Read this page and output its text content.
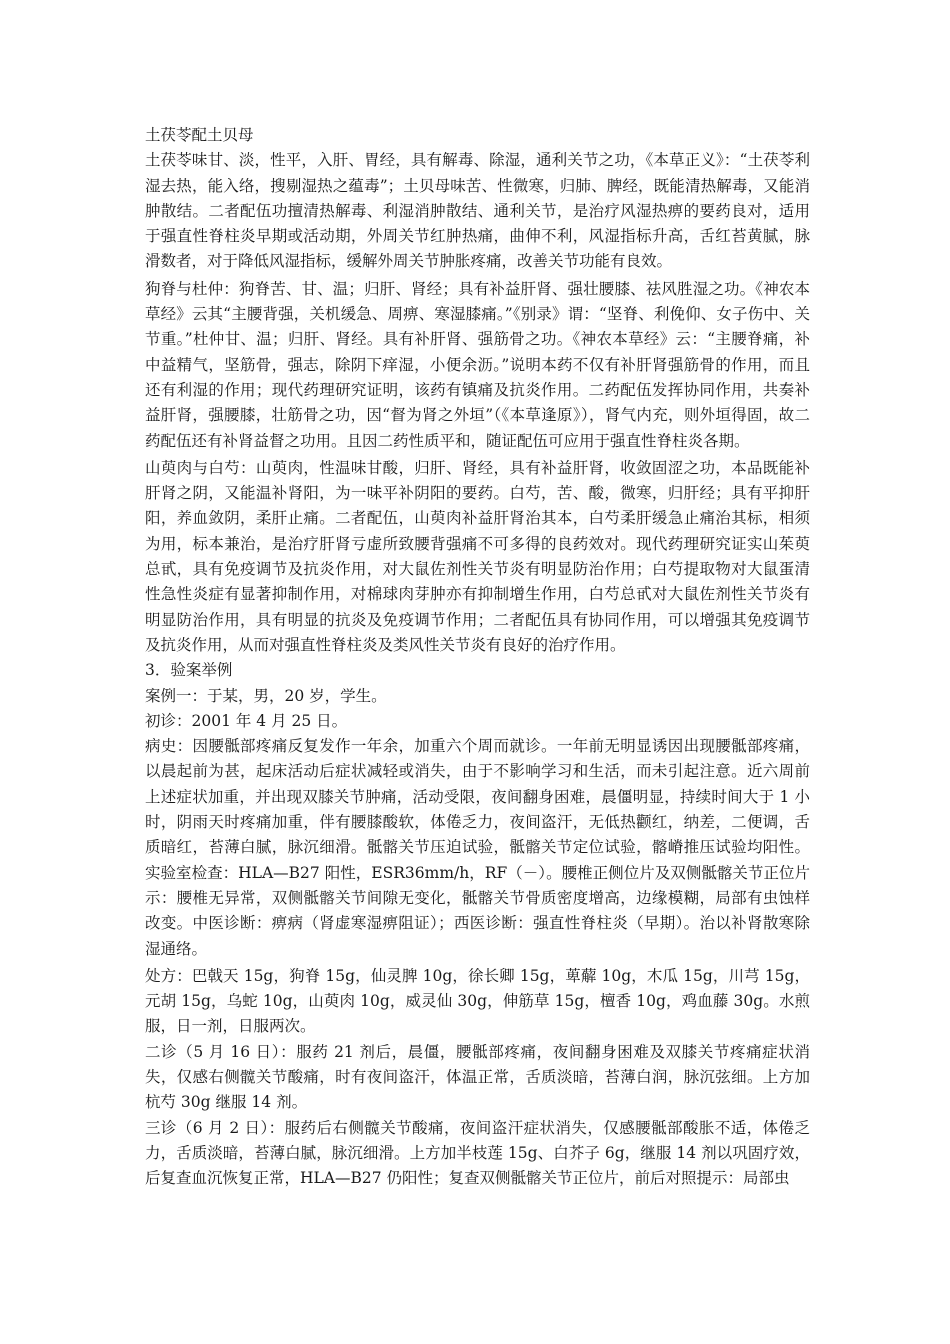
土茯苓配土贝母

土茯苓味甘、淡，性平，入肝、胃经，具有解毒、除湿，通利关节之功，《本草正义》：“土茯苓利湿去热，能入络，搜剔湿热之蕴毒”；土贝母味苦、性微寒，归肺、脾经，既能清热解毒，又能消肿散结。二者配伍功擅清热解毒、利湿消肿散结、通利关节，是治疗风湿热痹的要药良对，适用于强直性脊柱炎早期或活动期，外周关节红肿热痛，曲伸不利，风湿指标升高，舌红苔黄腻，脉滑数者，对于降低风湿指标，缓解外周关节肿胀疼痛，改善关节功能有良效。

狗脊与杜仲：狗脊苦、甘、温；归肝、肾经；具有补益肝肾、强壮腰膝、祛风胜湿之功。《神农本草经》云其“主腰背强，关机缓急、周痹、寒湿膝痛。”《别录》谓：“坚脊、利俛仰、女子伤中、关节重。”杜仲甘、温；归肝、肾经。具有补肝肾、强筋骨之功。《神农本草经》云：“主腰脊痛，补中益精气，坚筋骨，强志，除阴下痒湿，小便余沥。”说明本药不仅有补肝肾强筋骨的作用，而且还有利湿的作用；现代药理研究证明，该药有镇痛及抗炎作用。二药配伍发挥协同作用，共奏补益肝肾，强腰膝，壮筋骨之功，因“督为肾之外垣”（《本草逢原》），肾气内充，则外垣得固，故二药配伍还有补肾益督之功用。且因二药性质平和，随证配伍可应用于强直性脊柱炎各期。

山萸肉与白芍：山萸肉，性温味甘酸，归肝、肾经，具有补益肝肾，收敛固涩之功，本品既能补肝肾之阴，又能温补肾阳，为一味平补阴阳的要药。白芍，苦、酸，微寒，归肝经；具有平抑肝阳，养血敛阴，柔肝止痛。二者配伍，山萸肉补益肝肾治其本，白芍柔肝缓急止痛治其标，相须为用，标本兼治，是治疗肝肾亏虚所致腰背强痛不可多得的良药效对。现代药理研究证实山茱萸总甙，具有免疫调节及抗炎作用，对大鼠佐剂性关节炎有明显防治作用；白芍提取物对大鼠蛋清性急性炎症有显著抑制作用，对棉球肉芽肿亦有抑制增生作用，白芍总甙对大鼠佐剂性关节炎有明显防治作用，具有明显的抗炎及免疫调节作用；二者配伍具有协同作用，可以增强其免疫调节及抗炎作用，从而对强直性脊柱炎及类风性关节炎有良好的治疗作用。

3．验案举例

案例一：于某，男，20 岁，学生。

初诊：2001 年 4 月 25 日。

病史：因腰骶部疼痛反复发作一年余，加重六个周而就诊。一年前无明显诱因出现腰骶部疼痛，以晨起前为甚，起床活动后症状减轻或消失，由于不影响学习和生活，而未引起注意。近六周前上述症状加重，并出现双膝关节肿痛，活动受限，夜间翻身困难，晨僵明显，持续时间大于 1 小时，阴雨天时疼痛加重，伴有腰膝酸软，体倦乏力，夜间盗汗，无低热颧红，纳差，二便调，舌质暗红，苔薄白腻，脉沉细滑。骶髂关节压迫试验，骶髂关节定位试验，髂嵴推压试验均阳性。实验室检查：HLA—B27 阳性，ESR36mm/h，RF（－）。腰椎正侧位片及双侧骶髂关节正位片示：腰椎无异常，双侧骶髂关节间隙无变化，骶髂关节骨质密度增高，边缘模糊，局部有虫蚀样改变。中医诊断：痹病（肾虚寒湿痹阻证）；西医诊断：强直性脊柱炎（早期）。治以补肾散寒除湿通络。

处方：巴戟天 15g，狗脊 15g，仙灵脾 10g，徐长卿 15g，萆薢 10g，木瓜 15g，川芎 15g，元胡 15g，乌蛇 10g，山萸肉 10g，威灵仙 30g，伸筋草 15g，檀香 10g，鸡血藤 30g。水煎服，日一剂，日服两次。

二诊（5 月 16 日）：服药 21 剂后，晨僵，腰骶部疼痛，夜间翻身困难及双膝关节疼痛症状消失，仅感右侧髋关节酸痛，时有夜间盗汗，体温正常，舌质淡暗，苔薄白润，脉沉弦细。上方加杭芍 30g 继服 14 剂。

三诊（6 月 2 日）：服药后右侧髋关节酸痛，夜间盗汗症状消失，仅感腰骶部酸胀不适，体倦乏力，舌质淡暗，苔薄白腻，脉沉细滑。上方加半枝莲 15g、白芥子 6g，继服 14 剂以巩固疗效，后复查血沉恢复正常，HLA—B27 仍阳性；复查双侧骶髂关节正位片，前后对照提示：局部虫
